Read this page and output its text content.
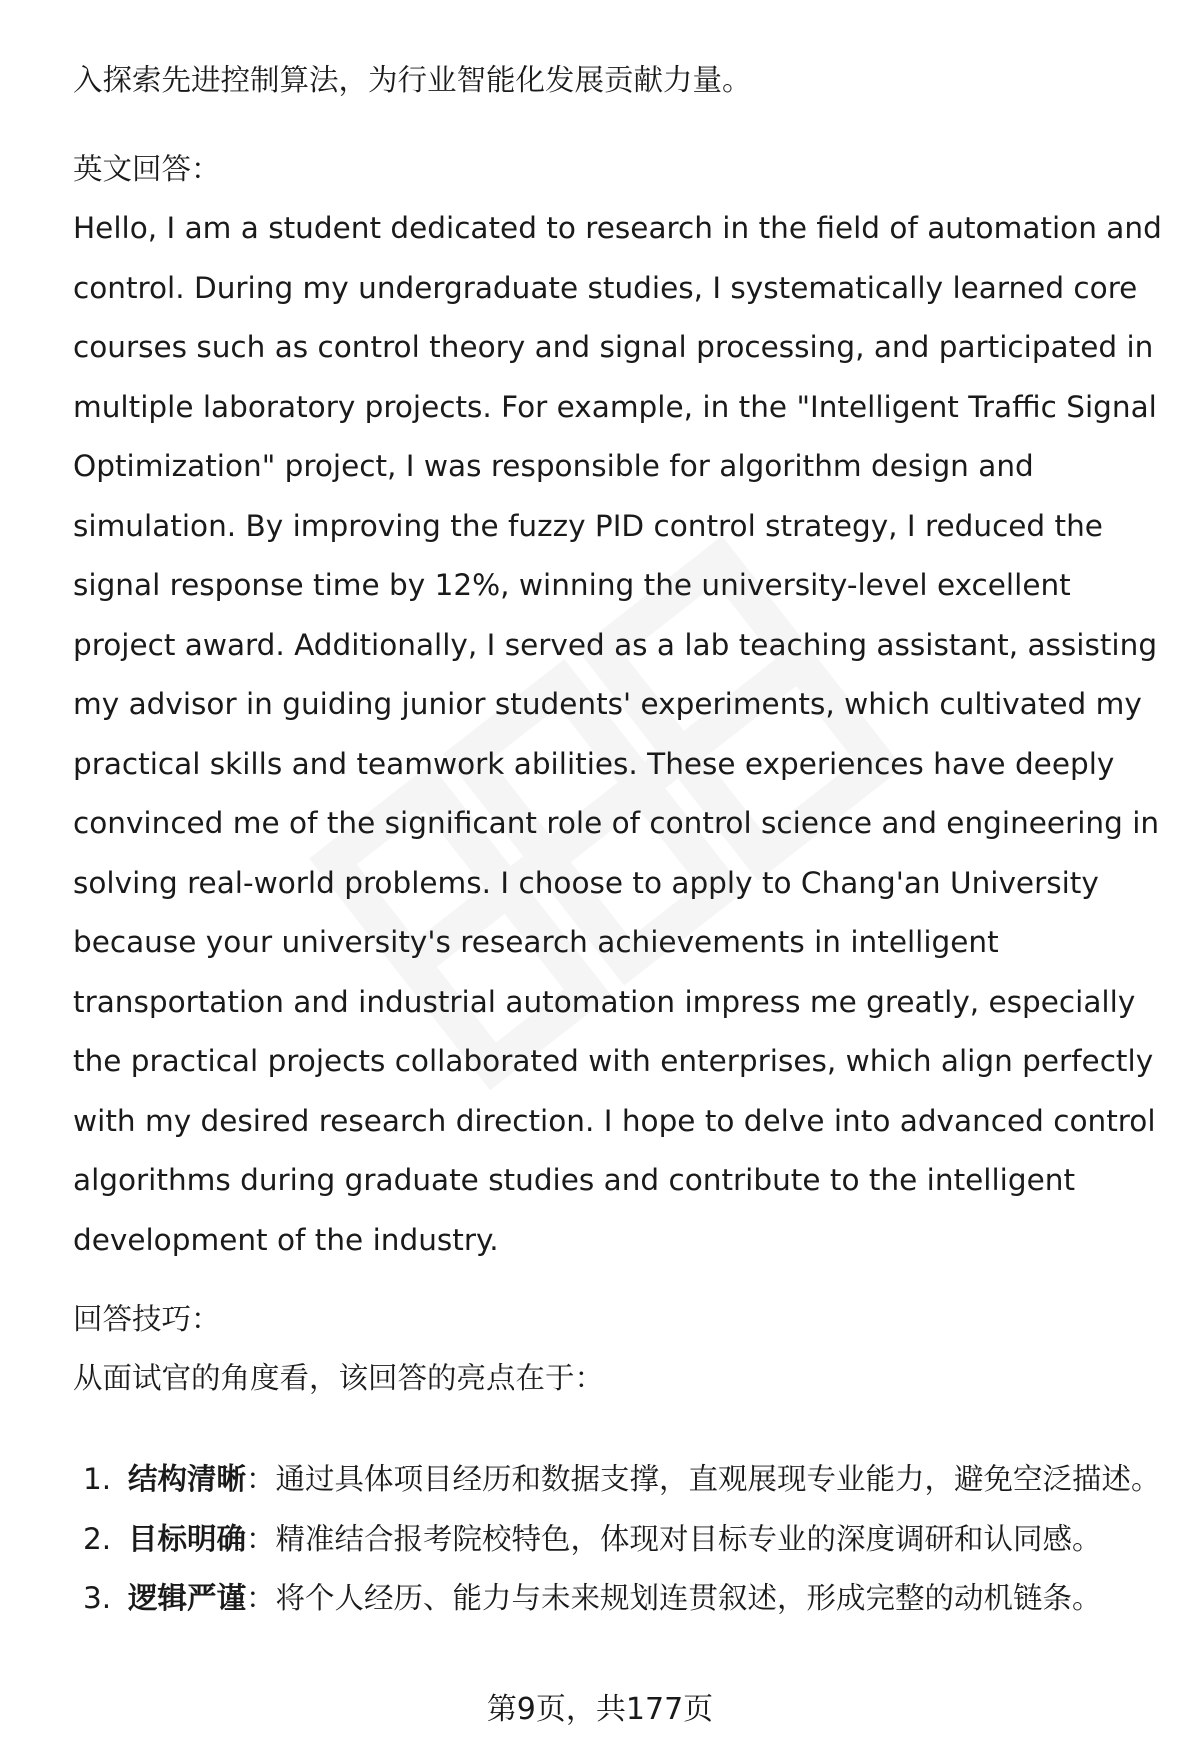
入探索先进控制算法，为行业智能化发展贡献力量。

英文回答：

Hello, I am a student dedicated to research in the field of automation and control. During my undergraduate studies, I systematically learned core courses such as control theory and signal processing, and participated in multiple laboratory projects. For example, in the "Intelligent Traffic Signal Optimization" project, I was responsible for algorithm design and simulation. By improving the fuzzy PID control strategy, I reduced the signal response time by 12%, winning the university-level excellent project award. Additionally, I served as a lab teaching assistant, assisting my advisor in guiding junior students' experiments, which cultivated my practical skills and teamwork abilities. These experiences have deeply convinced me of the significant role of control science and engineering in solving real-world problems. I choose to apply to Chang'an University because your university's research achievements in intelligent transportation and industrial automation impress me greatly, especially the practical projects collaborated with enterprises, which align perfectly with my desired research direction. I hope to delve into advanced control algorithms during graduate studies and contribute to the intelligent development of the industry.

回答技巧：

从面试官的角度看，该回答的亮点在于：

1. 结构清晰：通过具体项目经历和数据支撑，直观展现专业能力，避免空泛描述。
2. 目标明确：精准结合报考院校特色，体现对目标专业的深度调研和认同感。
3. 逻辑严谨：将个人经历、能力与未来规划连贯叙述，形成完整的动机链条。
第9页，共177页
